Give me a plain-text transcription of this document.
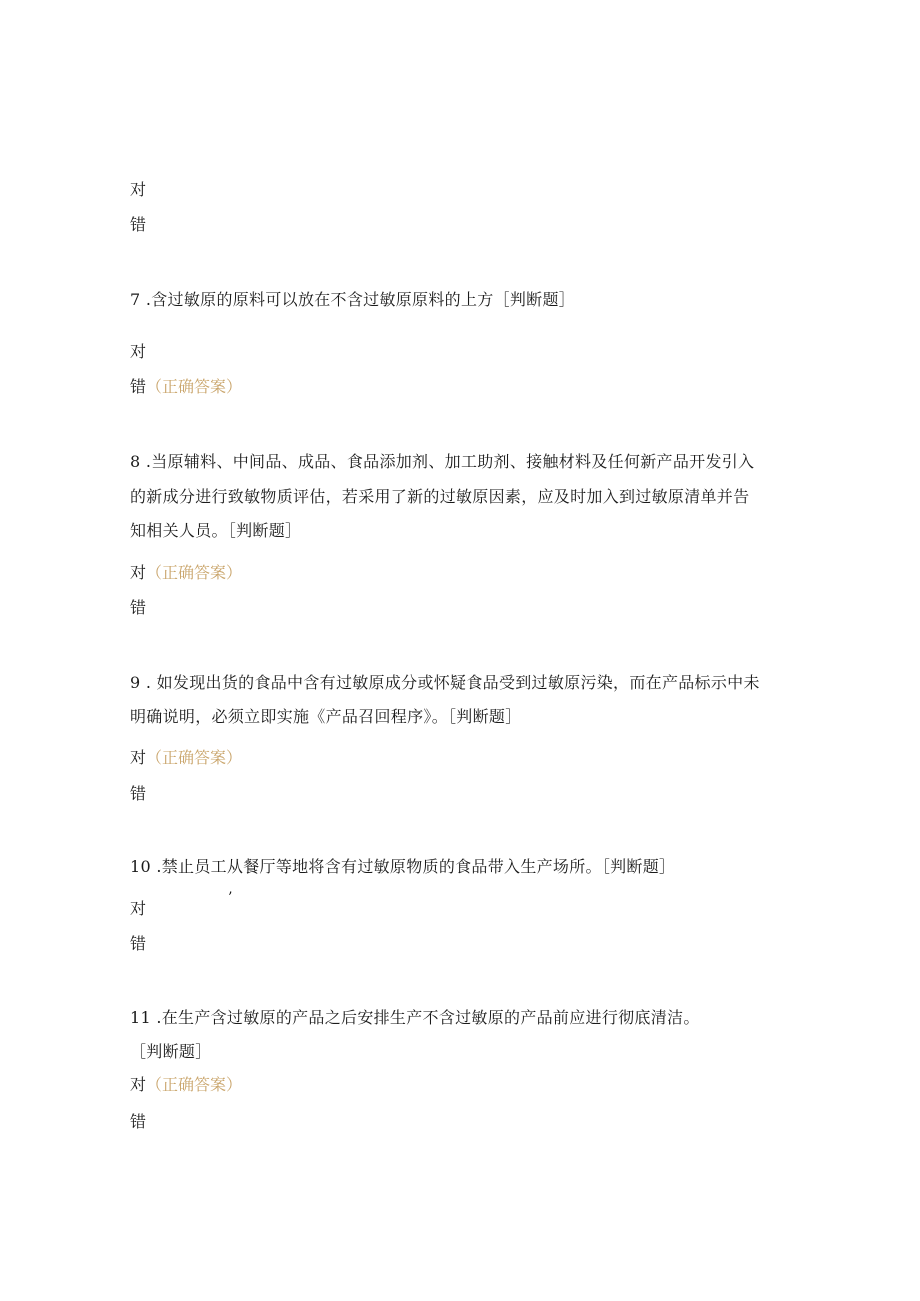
对
错
7 .含过敏原的原料可以放在不含过敏原原料的上方［判断题］
对
错（正确答案）
8 .当原辅料、中间品、成品、食品添加剂、加工助剂、接触材料及任何新产品开发引入
的新成分进行致敏物质评估，若采用了新的过敏原因素，应及时加入到过敏原清单并告
知相关人员。［判断题］
对（正确答案）
错
9 . 如发现出货的食品中含有过敏原成分或怀疑食品受到过敏原污染，而在产品标示中未
明确说明，必须立即实施《产品召回程序》。［判断题］
对（正确答案）
错
10 .禁止员工从餐厅等地将含有过敏原物质的食品带入生产场所。［判断题］
对
’
错
11 .在生产含过敏原的产品之后安排生产不含过敏原的产品前应进行彻底清洁。
［判断题］
对（正确答案）
错
